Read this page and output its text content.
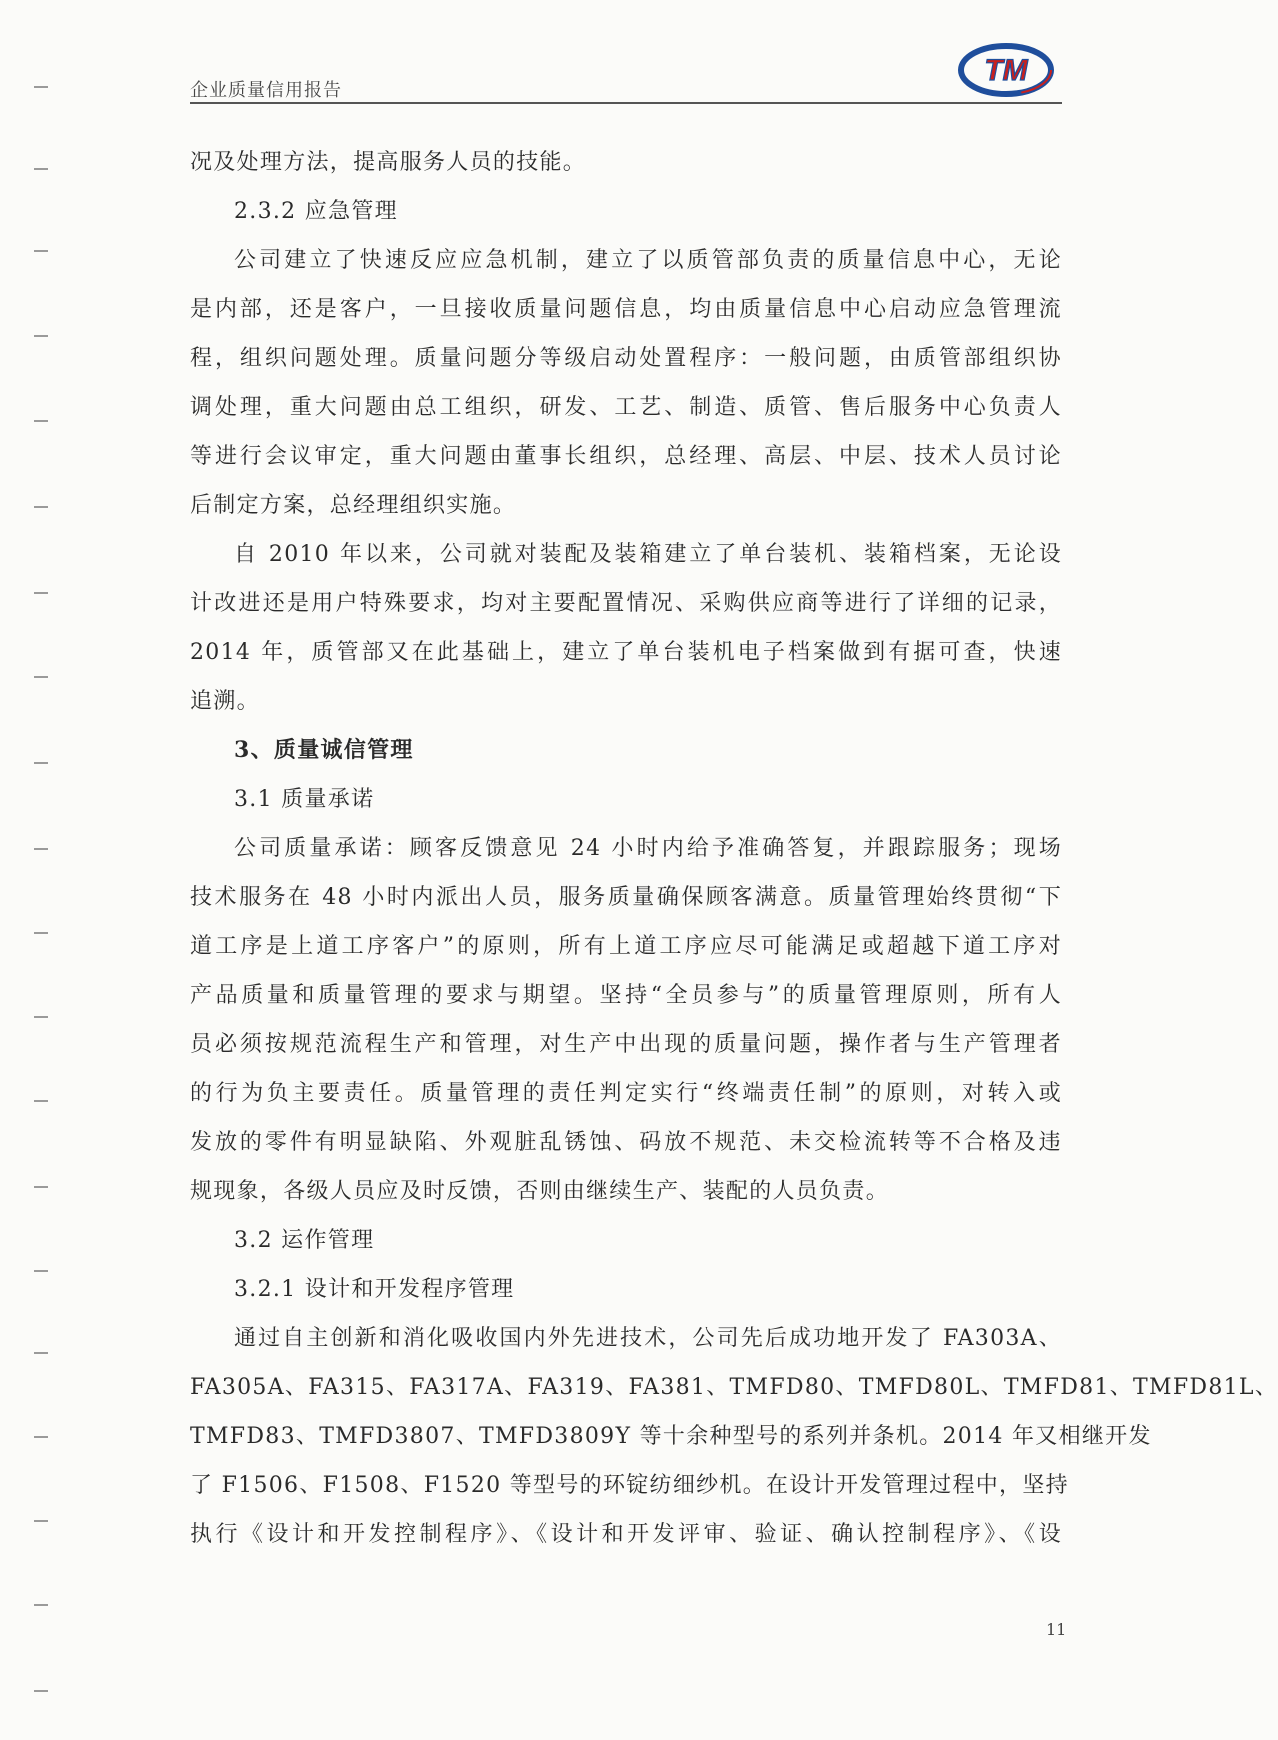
企业质量信用报告
TM
况及处理方法，提高服务人员的技能。
2.3.2 应急管理
公司建立了快速反应应急机制，建立了以质管部负责的质量信息中心，无论
是内部，还是客户，一旦接收质量问题信息，均由质量信息中心启动应急管理流
程，组织问题处理。质量问题分等级启动处置程序：一般问题，由质管部组织协
调处理，重大问题由总工组织，研发、工艺、制造、质管、售后服务中心负责人
等进行会议审定，重大问题由董事长组织，总经理、高层、中层、技术人员讨论
后制定方案，总经理组织实施。
自 2010 年以来，公司就对装配及装箱建立了单台装机、装箱档案，无论设
计改进还是用户特殊要求，均对主要配置情况、采购供应商等进行了详细的记录，
2014 年，质管部又在此基础上，建立了单台装机电子档案做到有据可查，快速
追溯。
3、质量诚信管理
3.1 质量承诺
公司质量承诺：顾客反馈意见 24 小时内给予准确答复，并跟踪服务；现场
技术服务在 48 小时内派出人员，服务质量确保顾客满意。质量管理始终贯彻“下
道工序是上道工序客户”的原则，所有上道工序应尽可能满足或超越下道工序对
产品质量和质量管理的要求与期望。坚持“全员参与”的质量管理原则，所有人
员必须按规范流程生产和管理，对生产中出现的质量问题，操作者与生产管理者
的行为负主要责任。质量管理的责任判定实行“终端责任制”的原则，对转入或
发放的零件有明显缺陷、外观脏乱锈蚀、码放不规范、未交检流转等不合格及违
规现象，各级人员应及时反馈，否则由继续生产、装配的人员负责。
3.2 运作管理
3.2.1 设计和开发程序管理
通过自主创新和消化吸收国内外先进技术，公司先后成功地开发了 FA303A、
FA305A、FA315、FA317A、FA319、FA381、TMFD80、TMFD80L、TMFD81、TMFD81L、
TMFD83、TMFD3807、TMFD3809Y 等十余种型号的系列并条机。2014 年又相继开发
了 F1506、F1508、F1520 等型号的环锭纺细纱机。在设计开发管理过程中，坚持
执行《设计和开发控制程序》、《设计和开发评审、验证、确认控制程序》、《设
11
